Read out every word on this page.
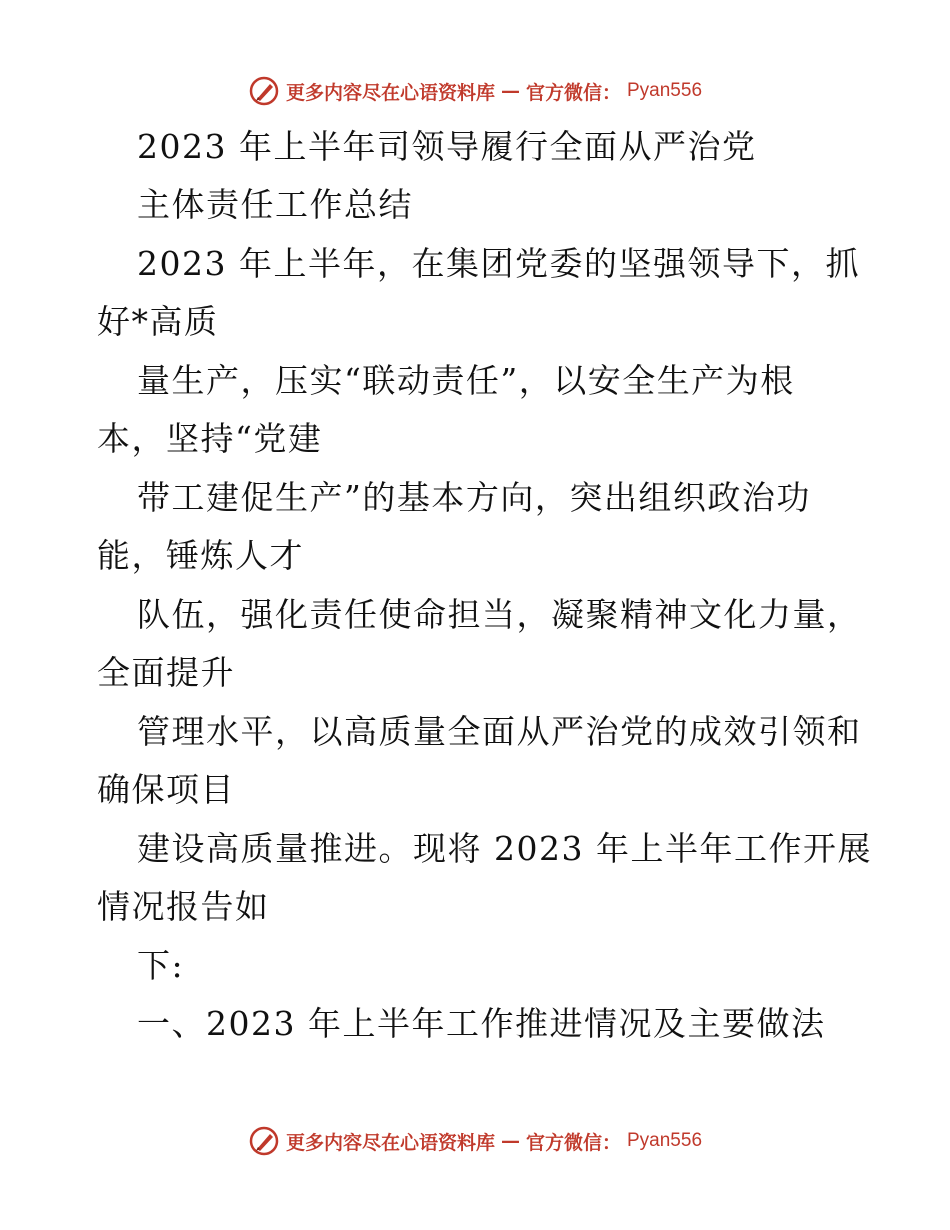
更多内容尽在心语资料库 — 官方微信： Pyan556
2023 年上半年司领导履行全面从严治党
主体责任工作总结
2023 年上半年，在集团党委的坚强领导下，抓
好*高质
量生产，压实“联动责任”，以安全生产为根
本，坚持“党建
带工建促生产”的基本方向，突出组织政治功
能，锤炼人才
队伍，强化责任使命担当，凝聚精神文化力量，
全面提升
管理水平，以高质量全面从严治党的成效引领和
确保项目
建设高质量推进。现将 2023 年上半年工作开展
情况报告如
下:
一、2023 年上半年工作推进情况及主要做法
更多内容尽在心语资料库 — 官方微信： Pyan556
